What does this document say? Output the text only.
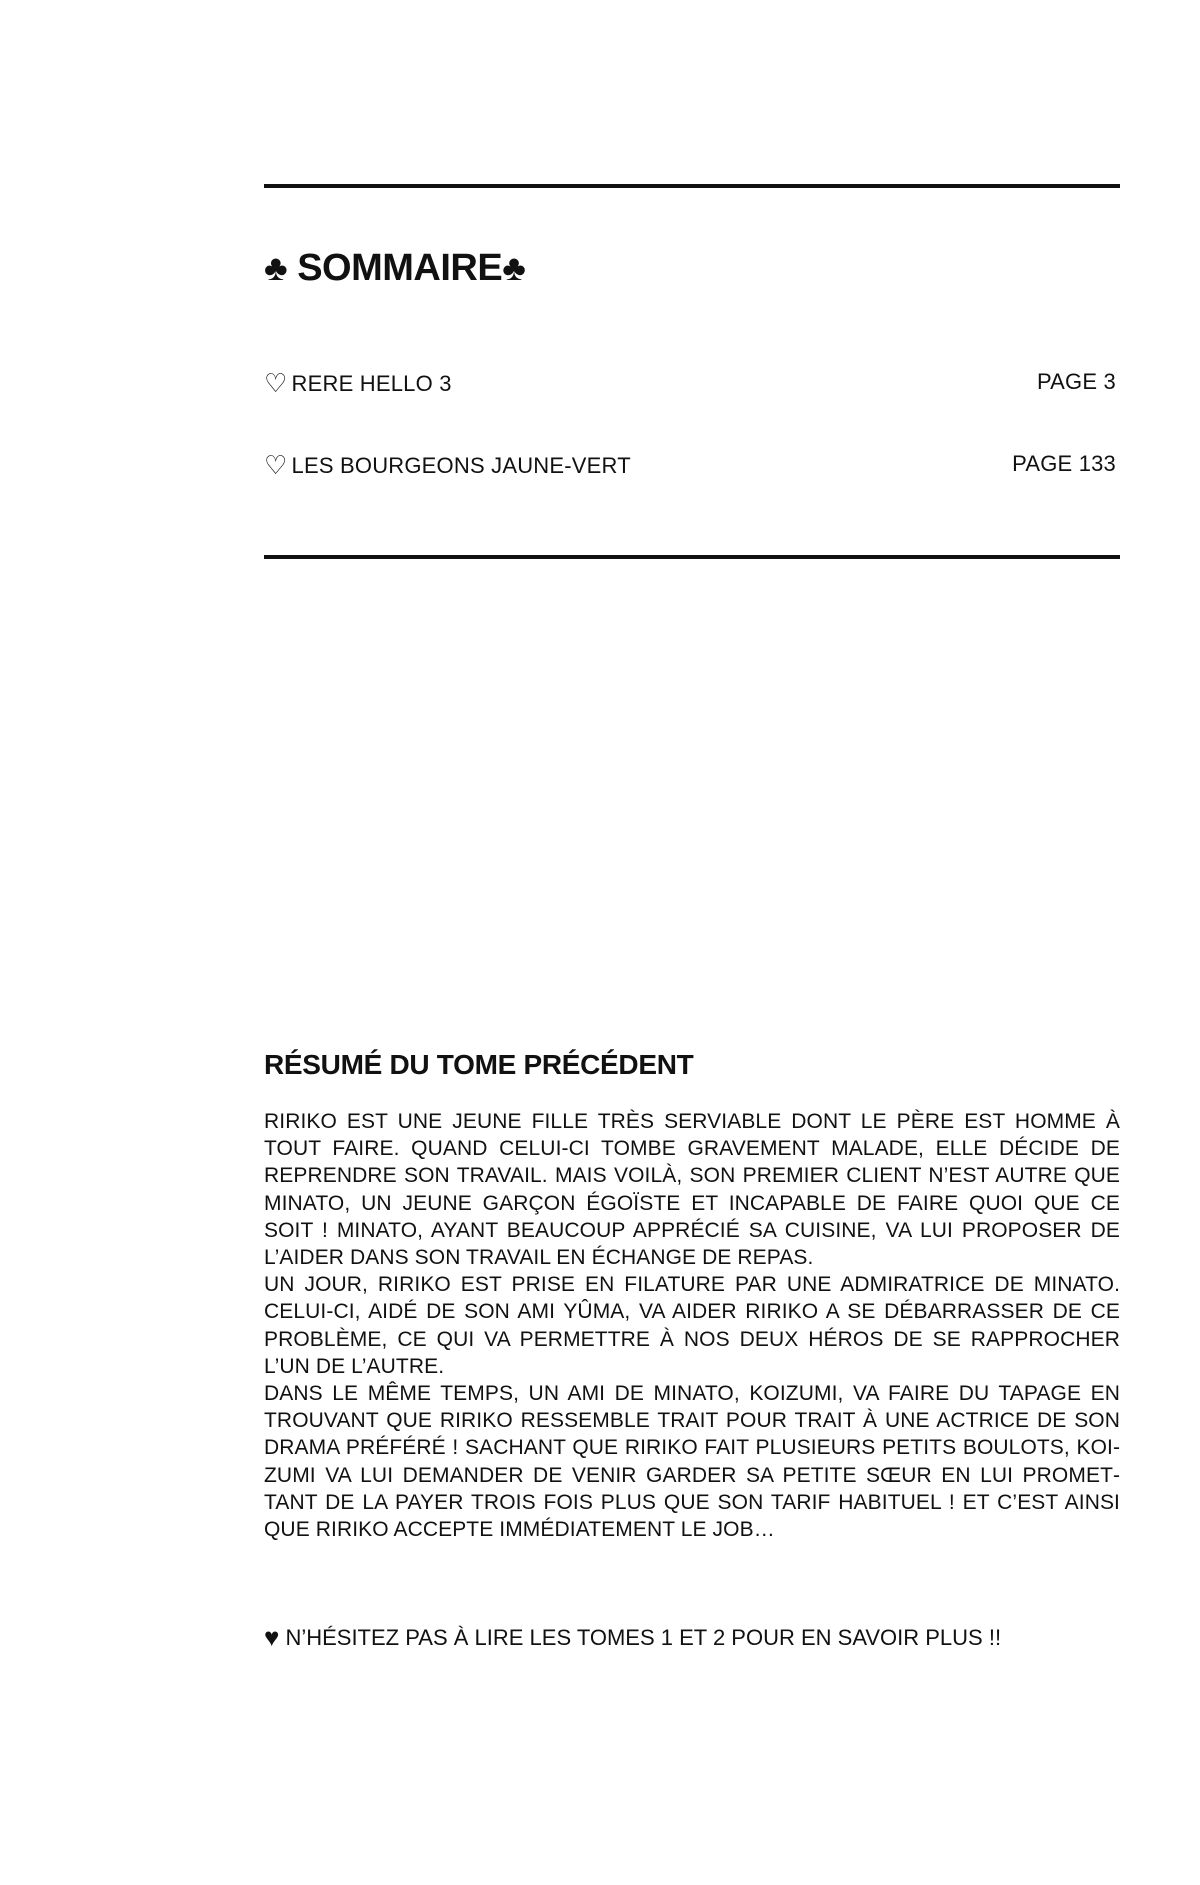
♣ SOMMAIRE♣
♡ RERE HELLO 3	PAGE 3
♡ LES BOURGEONS JAUNE-VERT	PAGE 133
RÉSUMÉ DU TOME PRÉCÉDENT

RIRIKO EST UNE JEUNE FILLE TRÈS SERVIABLE DONT LE PÈRE EST HOMME À TOUT FAIRE. QUAND CELUI-CI TOMBE GRAVEMENT MALADE, ELLE DÉCIDE DE REPRENDRE SON TRAVAIL. MAIS VOILÀ, SON PREMIER CLIENT N’EST AUTRE QUE MINATO, UN JEUNE GARÇON ÉGOÏSTE ET INCAPABLE DE FAIRE QUOI QUE CE SOIT ! MINATO, AYANT BEAUCOUP APPRÉCIÉ SA CUISINE, VA LUI PROPOSER DE L’AIDER DANS SON TRAVAIL EN ÉCHANGE DE REPAS.

UN JOUR, RIRIKO EST PRISE EN FILATURE PAR UNE ADMIRATRICE DE MINATO. CELUI-CI, AIDÉ DE SON AMI YÛMA, VA AIDER RIRIKO A SE DÉBARRASSER DE CE PROBLÈME, CE QUI VA PERMETTRE À NOS DEUX HÉROS DE SE RAPPROCHER L’UN DE L’AUTRE.

DANS LE MÊME TEMPS, UN AMI DE MINATO, KOIZUMI, VA FAIRE DU TAPAGE EN TROUVANT QUE RIRIKO RESSEMBLE TRAIT POUR TRAIT À UNE ACTRICE DE SON DRAMA PRÉFÉRÉ ! SACHANT QUE RIRIKO FAIT PLUSIEURS PETITS BOULOTS, KOIZUMI VA LUI DEMANDER DE VENIR GARDER SA PETITE SŒUR EN LUI PROMETTANT DE LA PAYER TROIS FOIS PLUS QUE SON TARIF HABITUEL ! ET C’EST AINSI QUE RIRIKO ACCEPTE IMMÉDIATEMENT LE JOB…

♥ N’HÉSITEZ PAS À LIRE LES TOMES 1 ET 2 POUR EN SAVOIR PLUS !!
